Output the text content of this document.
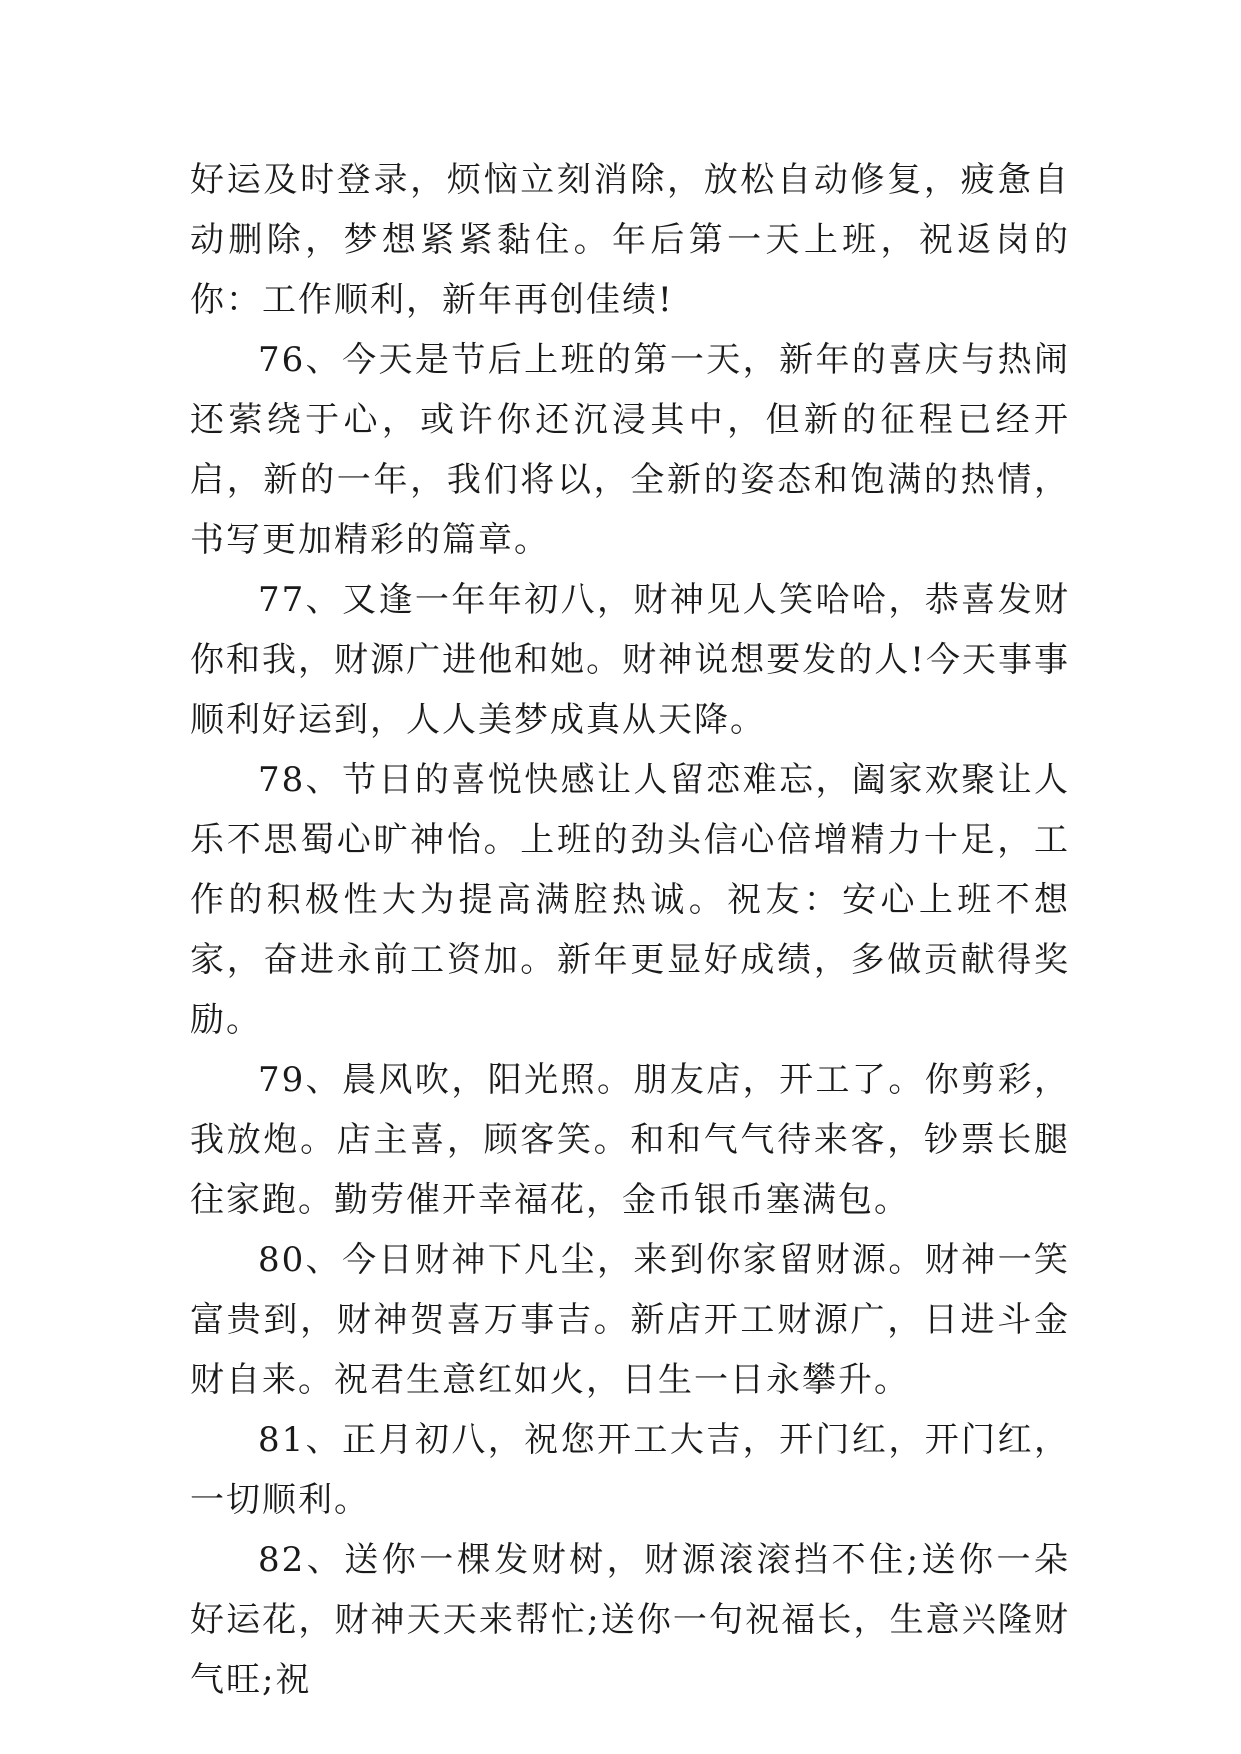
好运及时登录，烦恼立刻消除，放松自动修复，疲惫自动删除，梦想紧紧黏住。年后第一天上班，祝返岗的你：工作顺利，新年再创佳绩!

76、今天是节后上班的第一天，新年的喜庆与热闹还萦绕于心，或许你还沉浸其中，但新的征程已经开启，新的一年，我们将以，全新的姿态和饱满的热情，书写更加精彩的篇章。

77、又逢一年年初八，财神见人笑哈哈，恭喜发财你和我，财源广进他和她。财神说想要发的人!今天事事顺利好运到，人人美梦成真从天降。

78、节日的喜悦快感让人留恋难忘，阖家欢聚让人乐不思蜀心旷神怡。上班的劲头信心倍增精力十足，工作的积极性大为提高满腔热诚。祝友：安心上班不想家，奋进永前工资加。新年更显好成绩，多做贡献得奖励。

79、晨风吹，阳光照。朋友店，开工了。你剪彩，我放炮。店主喜，顾客笑。和和气气待来客，钞票长腿往家跑。勤劳催开幸福花，金币银币塞满包。

80、今日财神下凡尘，来到你家留财源。财神一笑富贵到，财神贺喜万事吉。新店开工财源广，日进斗金财自来。祝君生意红如火，日生一日永攀升。

81、正月初八，祝您开工大吉，开门红，开门红，一切顺利。

82、送你一棵发财树，财源滚滚挡不住;送你一朵好运花，财神天天来帮忙;送你一句祝福长，生意兴隆财气旺;祝
